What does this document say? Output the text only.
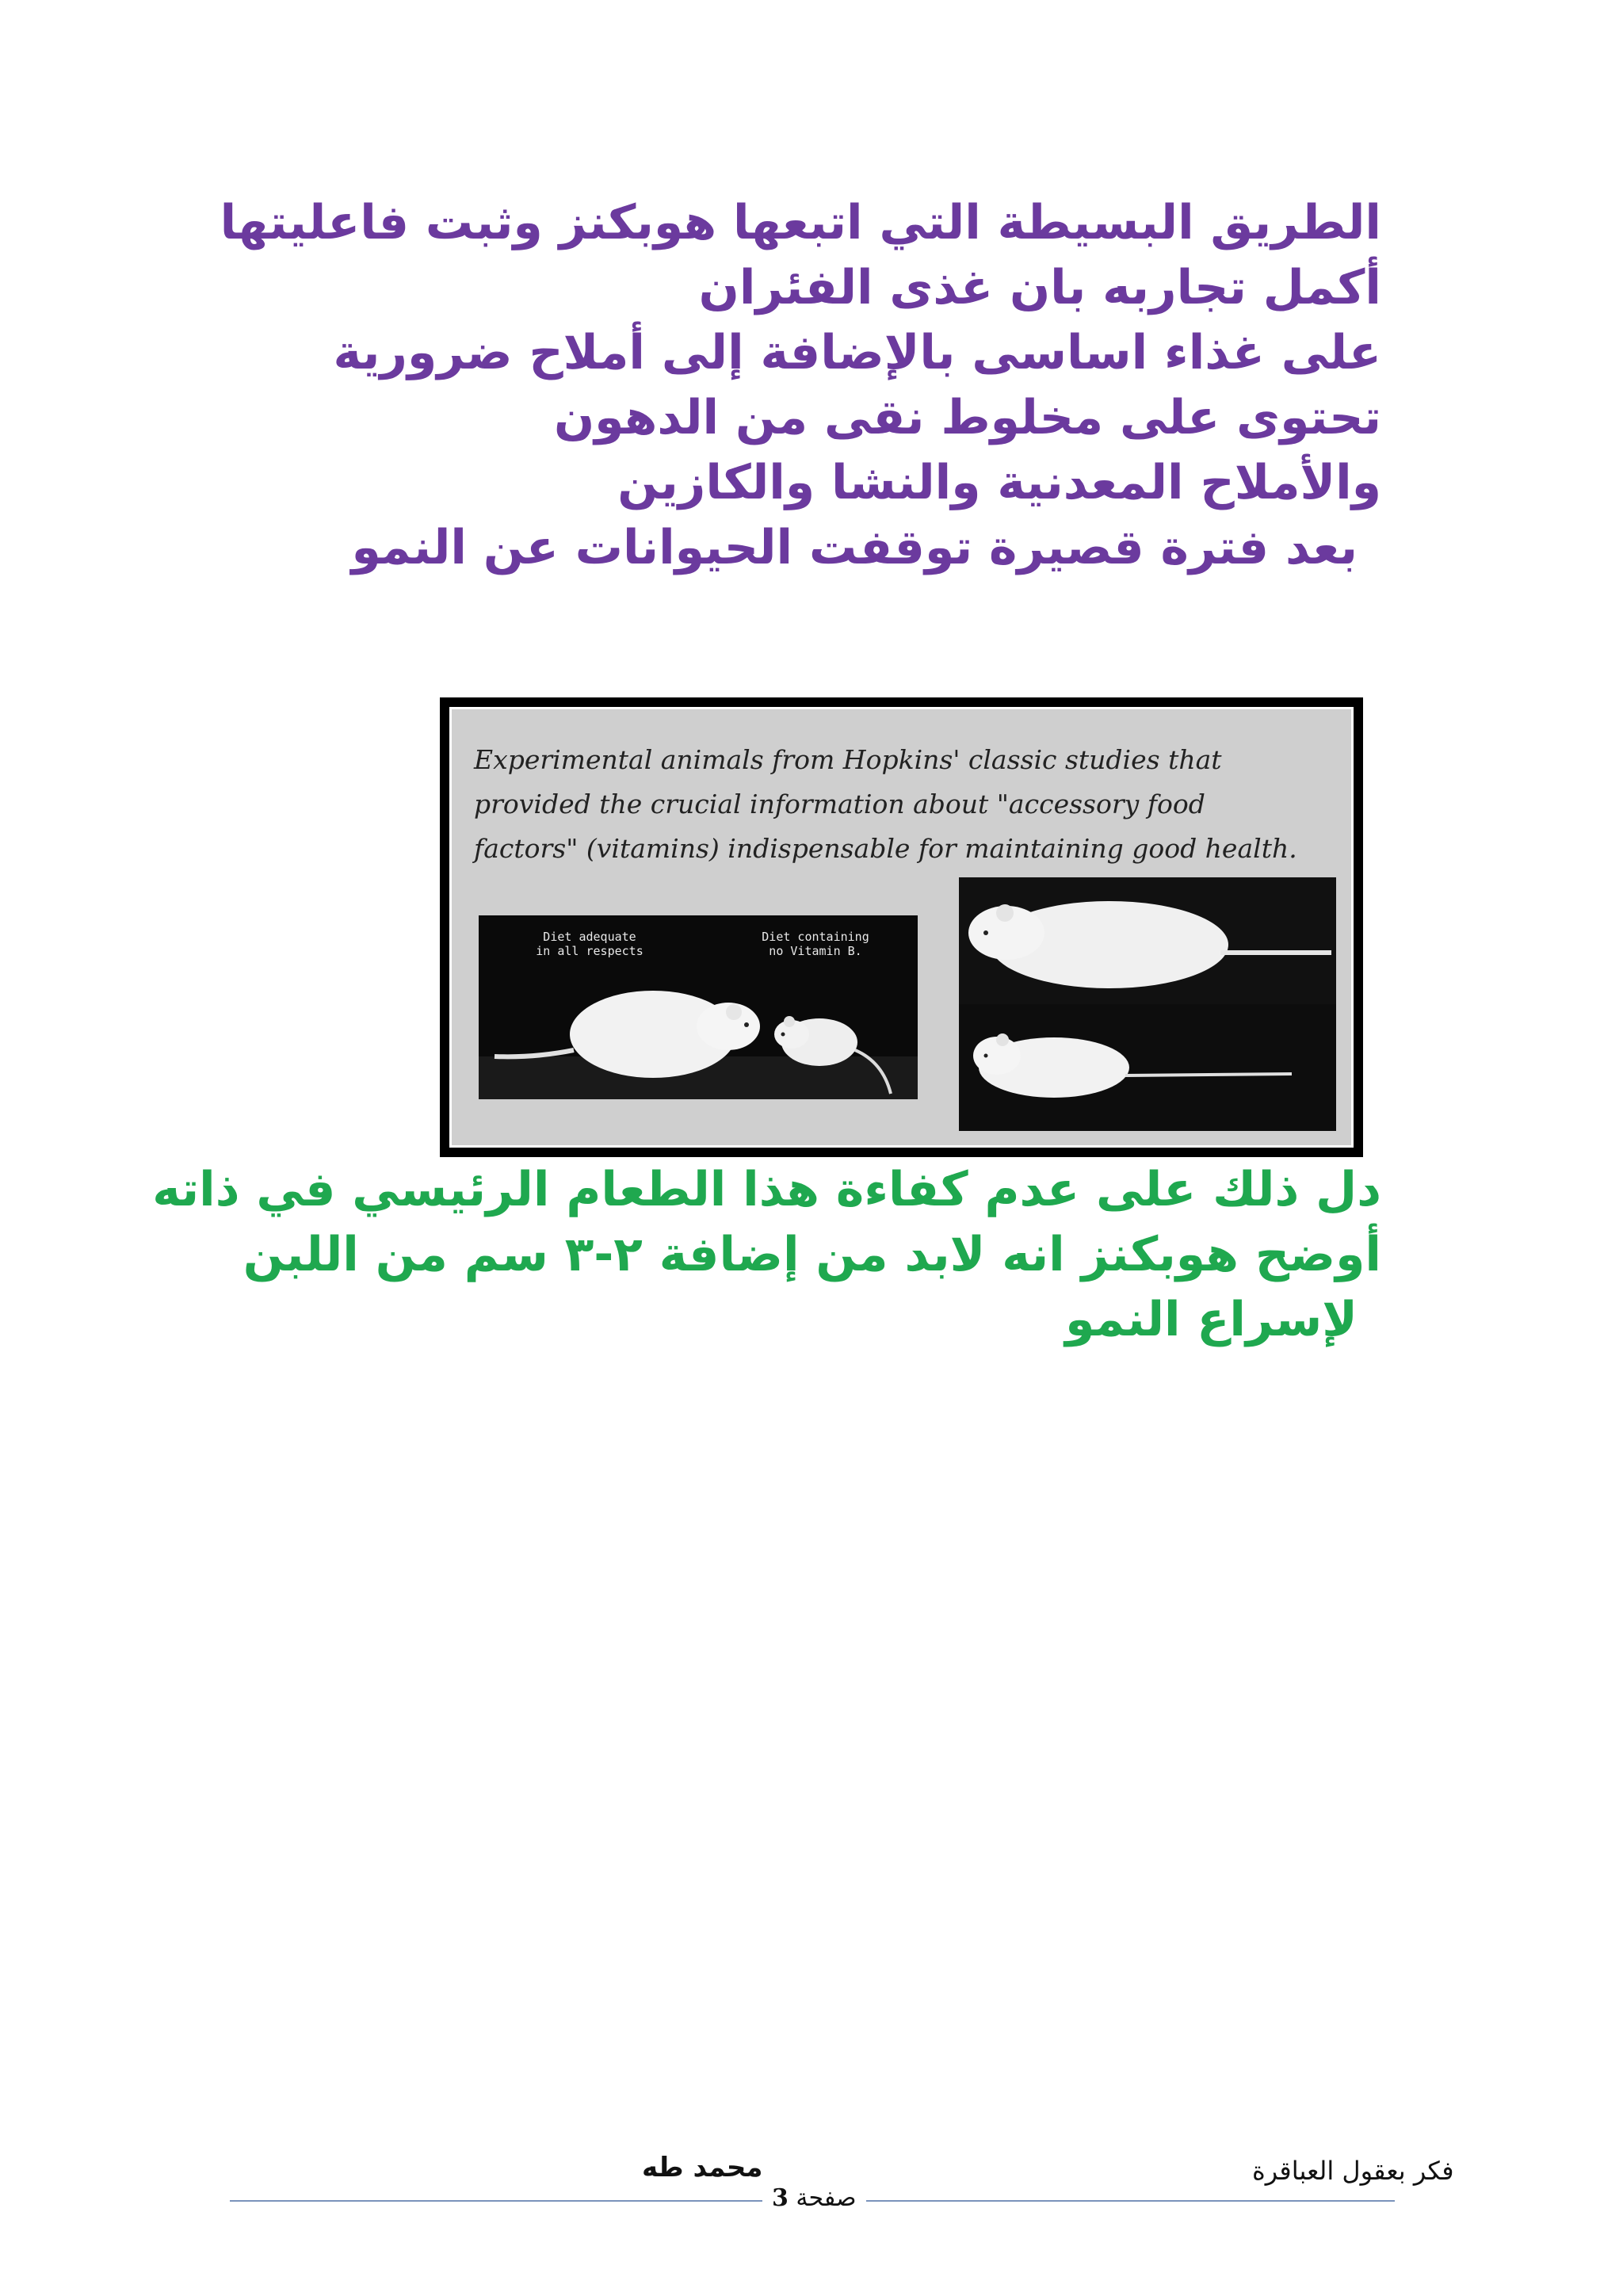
الطريق البسيطة التي اتبعها هوبكنز وثبت فاعليتها
أكمل تجاربه بان غذى الفئران
على غذاء اساسى بالإضافة إلى أملاح ضرورية
تحتوى على مخلوط نقى من الدهون
والأملاح المعدنية والنشا والكازين
بعد فترة قصيرة توقفت الحيوانات عن النمو
Experimental animals from Hopkins' classic studies that
provided the crucial information about "accessory food
factors" (vitamins) indispensable for maintaining good health.
Diet adequate
in all respects
Diet containing
no Vitamin B.
دل ذلك على عدم كفاءة هذا الطعام الرئيسي في ذاته
أوضح هوبكنز انه لابد من إضافة ٢-٣ سم من اللبن
لإسراع النمو
فكر بعقول العباقرة
محمد طه
صفحة 3
